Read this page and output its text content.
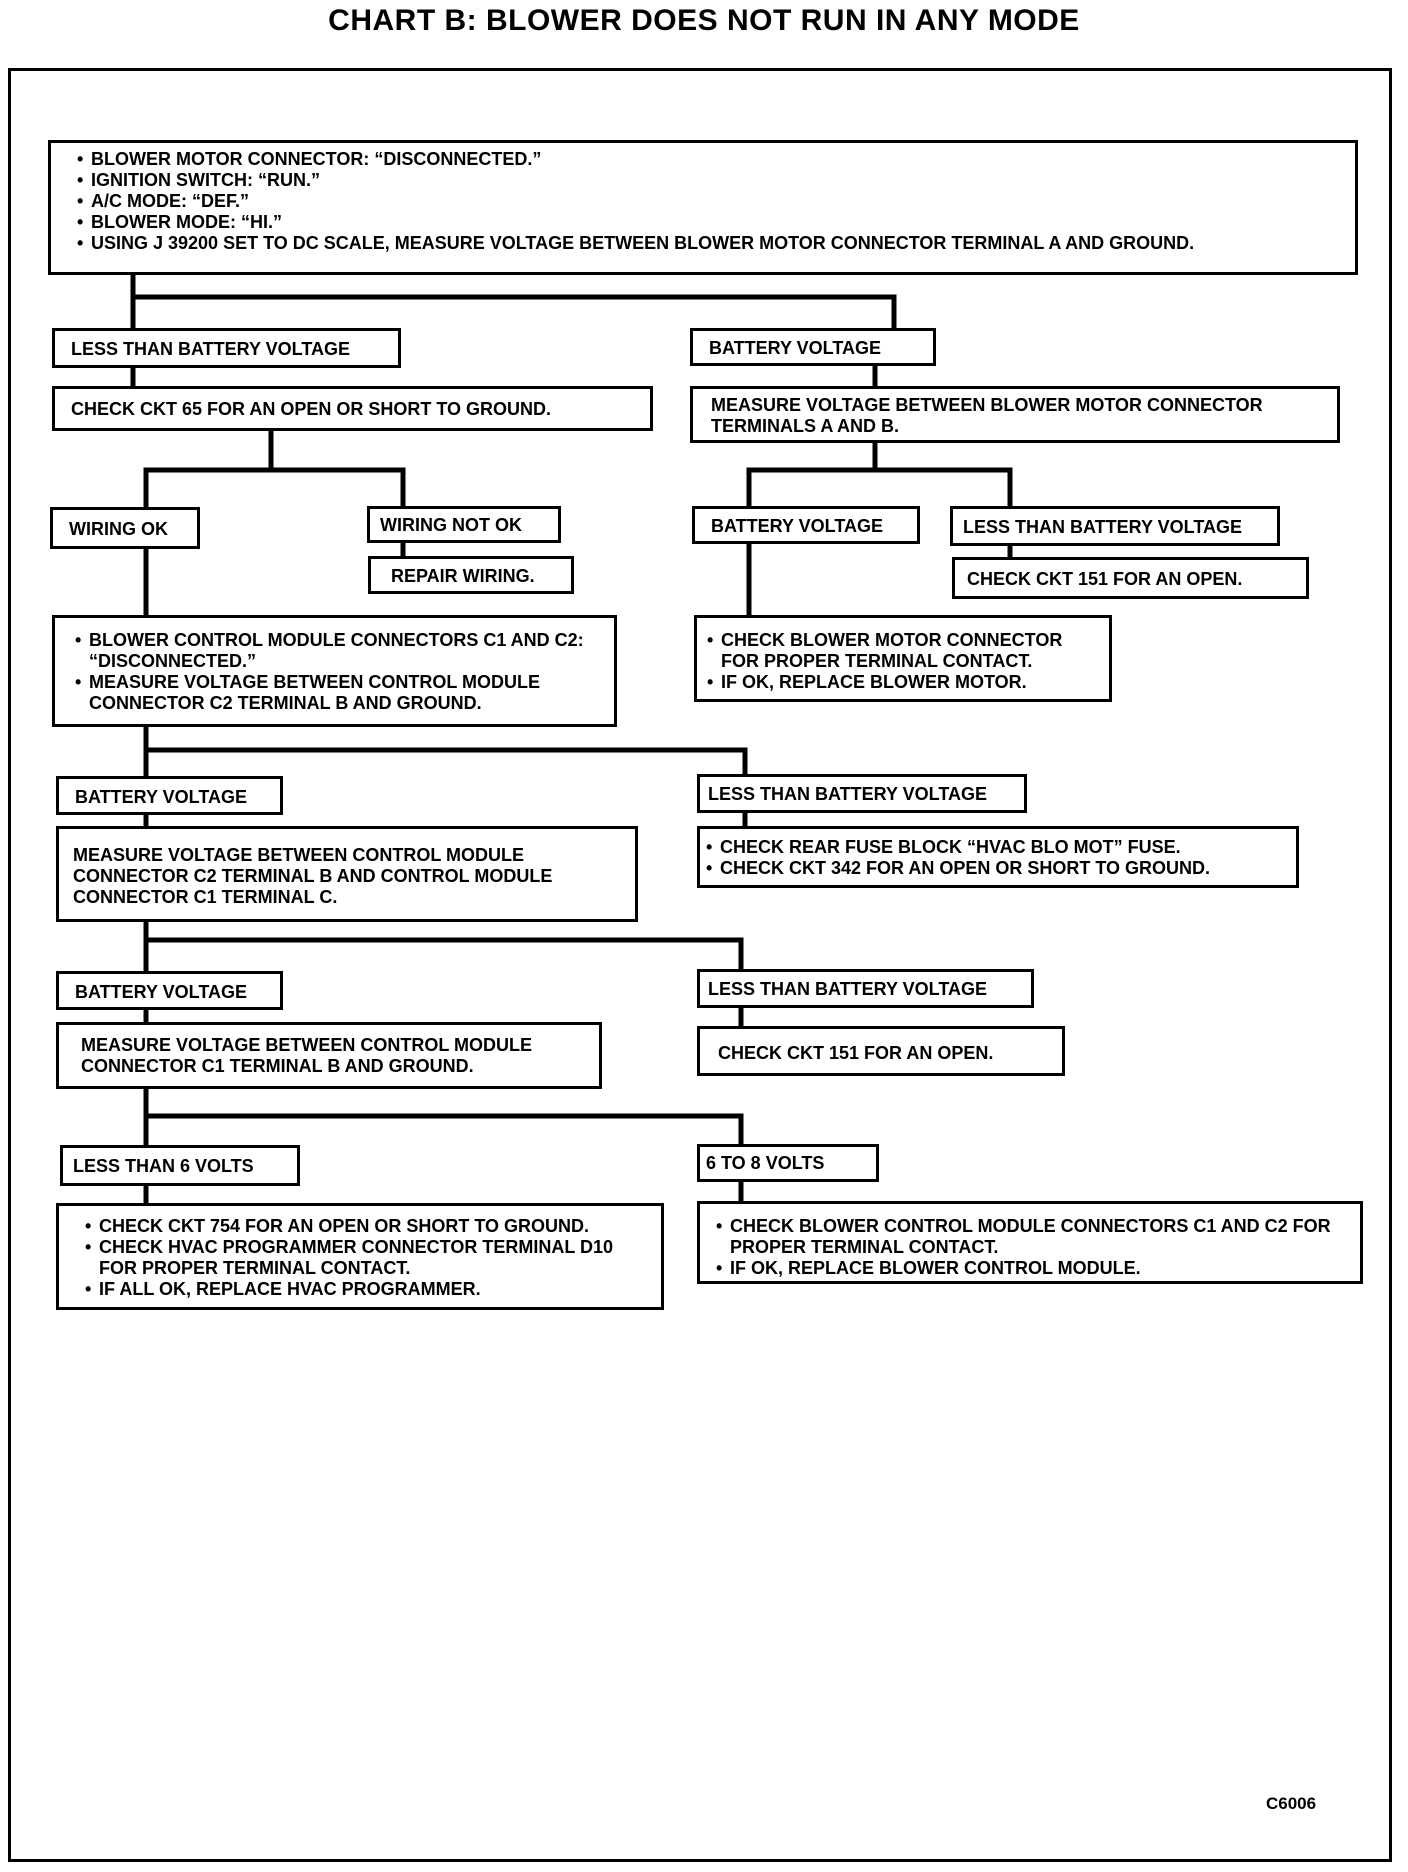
CHART B: BLOWER DOES NOT RUN IN ANY MODE
• BLOWER MOTOR CONNECTOR: “DISCONNECTED.”
• IGNITION SWITCH: “RUN.”
• A/C MODE: “DEF.”
• BLOWER MODE: “HI.”
• USING J 39200 SET TO DC SCALE, MEASURE VOLTAGE BETWEEN BLOWER MOTOR CONNECTOR TERMINAL A AND GROUND.
LESS THAN BATTERY VOLTAGE	BATTERY VOLTAGE
CHECK CKT 65 FOR AN OPEN OR SHORT TO GROUND.	MEASURE VOLTAGE BETWEEN BLOWER MOTOR CONNECTOR TERMINALS A AND B.
WIRING OK	WIRING NOT OK
REPAIR WIRING.
BATTERY VOLTAGE	LESS THAN BATTERY VOLTAGE
CHECK CKT 151 FOR AN OPEN.
• BLOWER CONTROL MODULE CONNECTORS C1 AND C2: “DISCONNECTED.”
• MEASURE VOLTAGE BETWEEN CONTROL MODULE CONNECTOR C2 TERMINAL B AND GROUND.
• CHECK BLOWER MOTOR CONNECTOR FOR PROPER TERMINAL CONTACT.
• IF OK, REPLACE BLOWER MOTOR.
BATTERY VOLTAGE	LESS THAN BATTERY VOLTAGE
MEASURE VOLTAGE BETWEEN CONTROL MODULE CONNECTOR C2 TERMINAL B AND CONTROL MODULE CONNECTOR C1 TERMINAL C.
• CHECK REAR FUSE BLOCK “HVAC BLO MOT” FUSE.
• CHECK CKT 342 FOR AN OPEN OR SHORT TO GROUND.
BATTERY VOLTAGE	LESS THAN BATTERY VOLTAGE
MEASURE VOLTAGE BETWEEN CONTROL MODULE CONNECTOR C1 TERMINAL B AND GROUND.
CHECK CKT 151 FOR AN OPEN.
LESS THAN 6 VOLTS	6 TO 8 VOLTS
• CHECK CKT 754 FOR AN OPEN OR SHORT TO GROUND.
• CHECK HVAC PROGRAMMER CONNECTOR TERMINAL D10 FOR PROPER TERMINAL CONTACT.
• IF ALL OK, REPLACE HVAC PROGRAMMER.
• CHECK BLOWER CONTROL MODULE CONNECTORS C1 AND C2 FOR PROPER TERMINAL CONTACT.
• IF OK, REPLACE BLOWER CONTROL MODULE.
C6006
